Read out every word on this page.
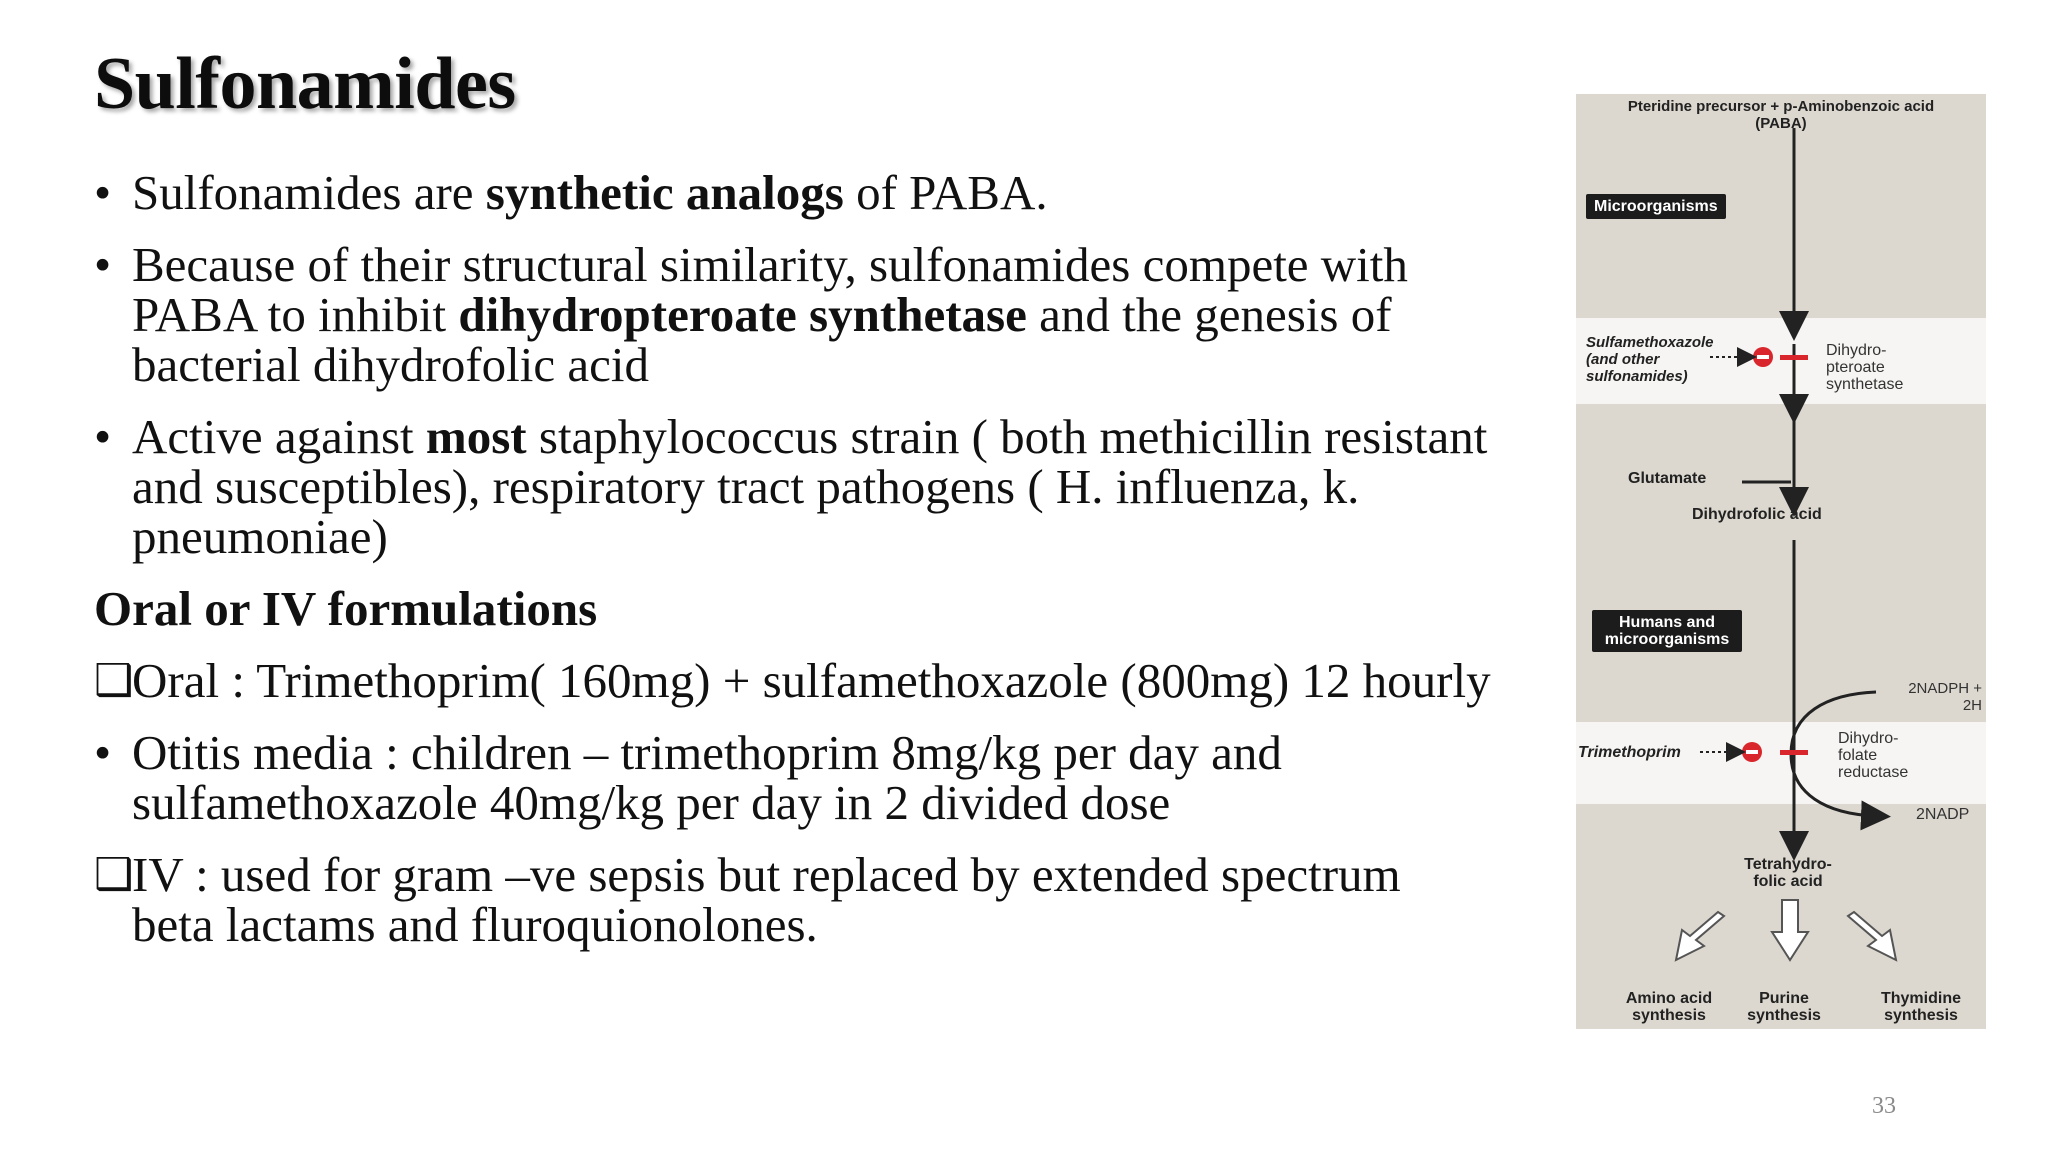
Sulfonamides
• Sulfonamides are synthetic analogs of PABA.
• Because of their structural similarity, sulfonamides compete with PABA to inhibit dihydropteroate synthetase and the genesis of bacterial dihydrofolic acid
• Active against most staphylococcus strain ( both methicillin resistant and susceptibles), respiratory tract pathogens ( H. influenza, k. pneumoniae)
Oral or IV formulations
❑
Oral : Trimethoprim( 160mg) + sulfamethoxazole (800mg) 12 hourly
• Otitis media : children – trimethoprim 8mg/kg per day and sulfamethoxazole 40mg/kg per day in 2 divided dose
❑
IV : used for gram –ve sepsis but replaced by extended spectrum beta lactams and fluroquionolones.
Pteridine precursor + p-Aminobenzoic acid
(PABA)
Microorganisms
Sulfamethoxazole (and other sulfonamides)
Dihydro-pteroate synthetase
Glutamate
Dihydrofolic acid
Humans and microorganisms
2NADPH + 2H
Trimethoprim
Dihydro-folate reductase
2NADP
Tetrahydro-folic acid
Amino acid synthesis
Purine synthesis
Thymidine synthesis
33
